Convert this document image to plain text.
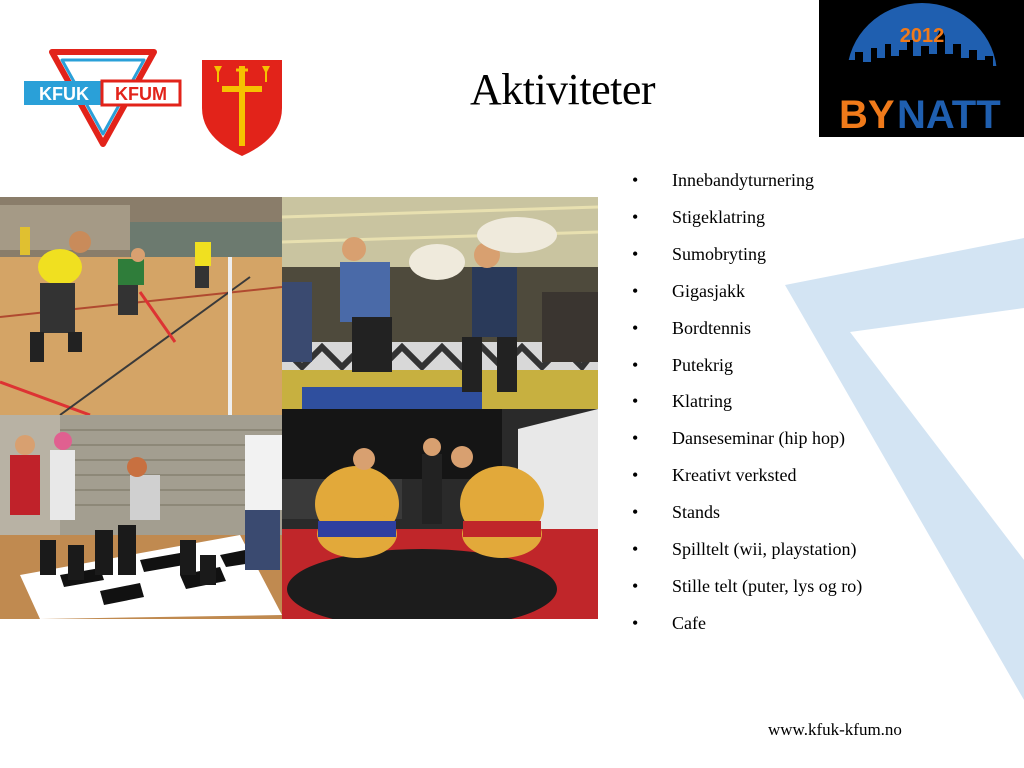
KFUK KFUM
2012
BY NATT
Aktiviteter
• Innebandyturnering
• Stigeklatring
• Sumobryting
• Gigasjakk
• Bordtennis
• Putekrig
• Klatring
• Danseseminar (hip hop)
• Kreativt verksted
• Stands
• Spilltelt (wii, playstation)
• Stille telt (puter, lys og ro)
• Cafe
www.kfuk-kfum.no
